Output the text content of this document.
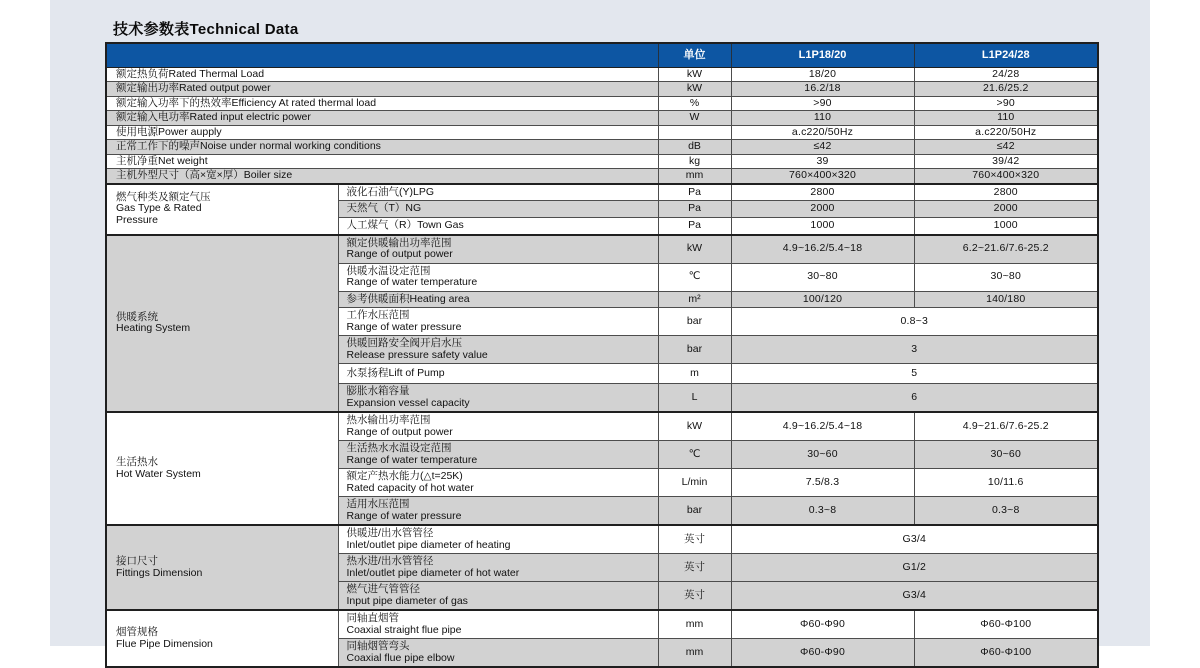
技术参数表Technical Data
		单位	L1P18/20	L1P24/28
额定热负荷Rated Thermal Load		kW	18/20	24/28
额定输出功率Rated output power		kW	16.2/18	21.6/25.2
额定输入功率下的热效率Efficiency At rated thermal load		%	>90	>90
额定输入电功率Rated input electric power		W	110	110
使用电源Power aupply			a.c220/50Hz	a.c220/50Hz
正常工作下的噪声Noise under normal working conditions		dB	≤42	≤42
主机净重Net weight		kg	39	39/42
主机外型尺寸（高×宽×厚）Boiler size		mm	760×400×320	760×400×320

燃气种类及额定气压
Gas Type & Rated Pressure	液化石油气(Y)LPG	Pa	2800	2800

	天然气（T）NG	Pa	2000	2000

	人工煤气（R）Town Gas	Pa	1000	1000

供暖系统
Heating System	额定供暖输出功率范围
Range of output power	kW	4.9~16.2/5.4~18	6.2~21.6/7.6-25.2

	供暖水温设定范围
Range of water temperature	℃	30~80	30~80

	参考供暖面积Heating area	m²	100/120	140/180

	工作水压范围
Range of water pressure	bar	0.8~3	

	供暖回路安全阀开启水压
Release pressure safety value	bar	3	

	水泵扬程Lift of Pump	m	5	

	膨胀水箱容量
Expansion vessel capacity	L	6	

生活热水
Hot Water System	热水输出功率范围
Range of output power	kW	4.9~16.2/5.4~18	4.9~21.6/7.6-25.2

	生活热水水温设定范围
Range of water temperature	℃	30~60	30~60

	额定产热水能力(△t=25K)
Rated capacity of hot water	L/min	7.5/8.3	10/11.6

	适用水压范围
Range of water pressure	bar	0.3~8	0.3~8

接口尺寸
Fittings Dimension	供暖进/出水管管径
Inlet/outlet pipe diameter of heating	英寸	G3/4	

	热水进/出水管管径
Inlet/outlet pipe diameter of hot water	英寸	G1/2	

	燃气进气管管径
Input pipe diameter of gas	英寸	G3/4	

烟管规格
Flue Pipe Dimension	同轴直烟管
Coaxial straight flue pipe	mm	Φ60-Φ90	Φ60-Φ100

	同轴烟管弯头
Coaxial flue pipe elbow	mm	Φ60-Φ90	Φ60-Φ100
